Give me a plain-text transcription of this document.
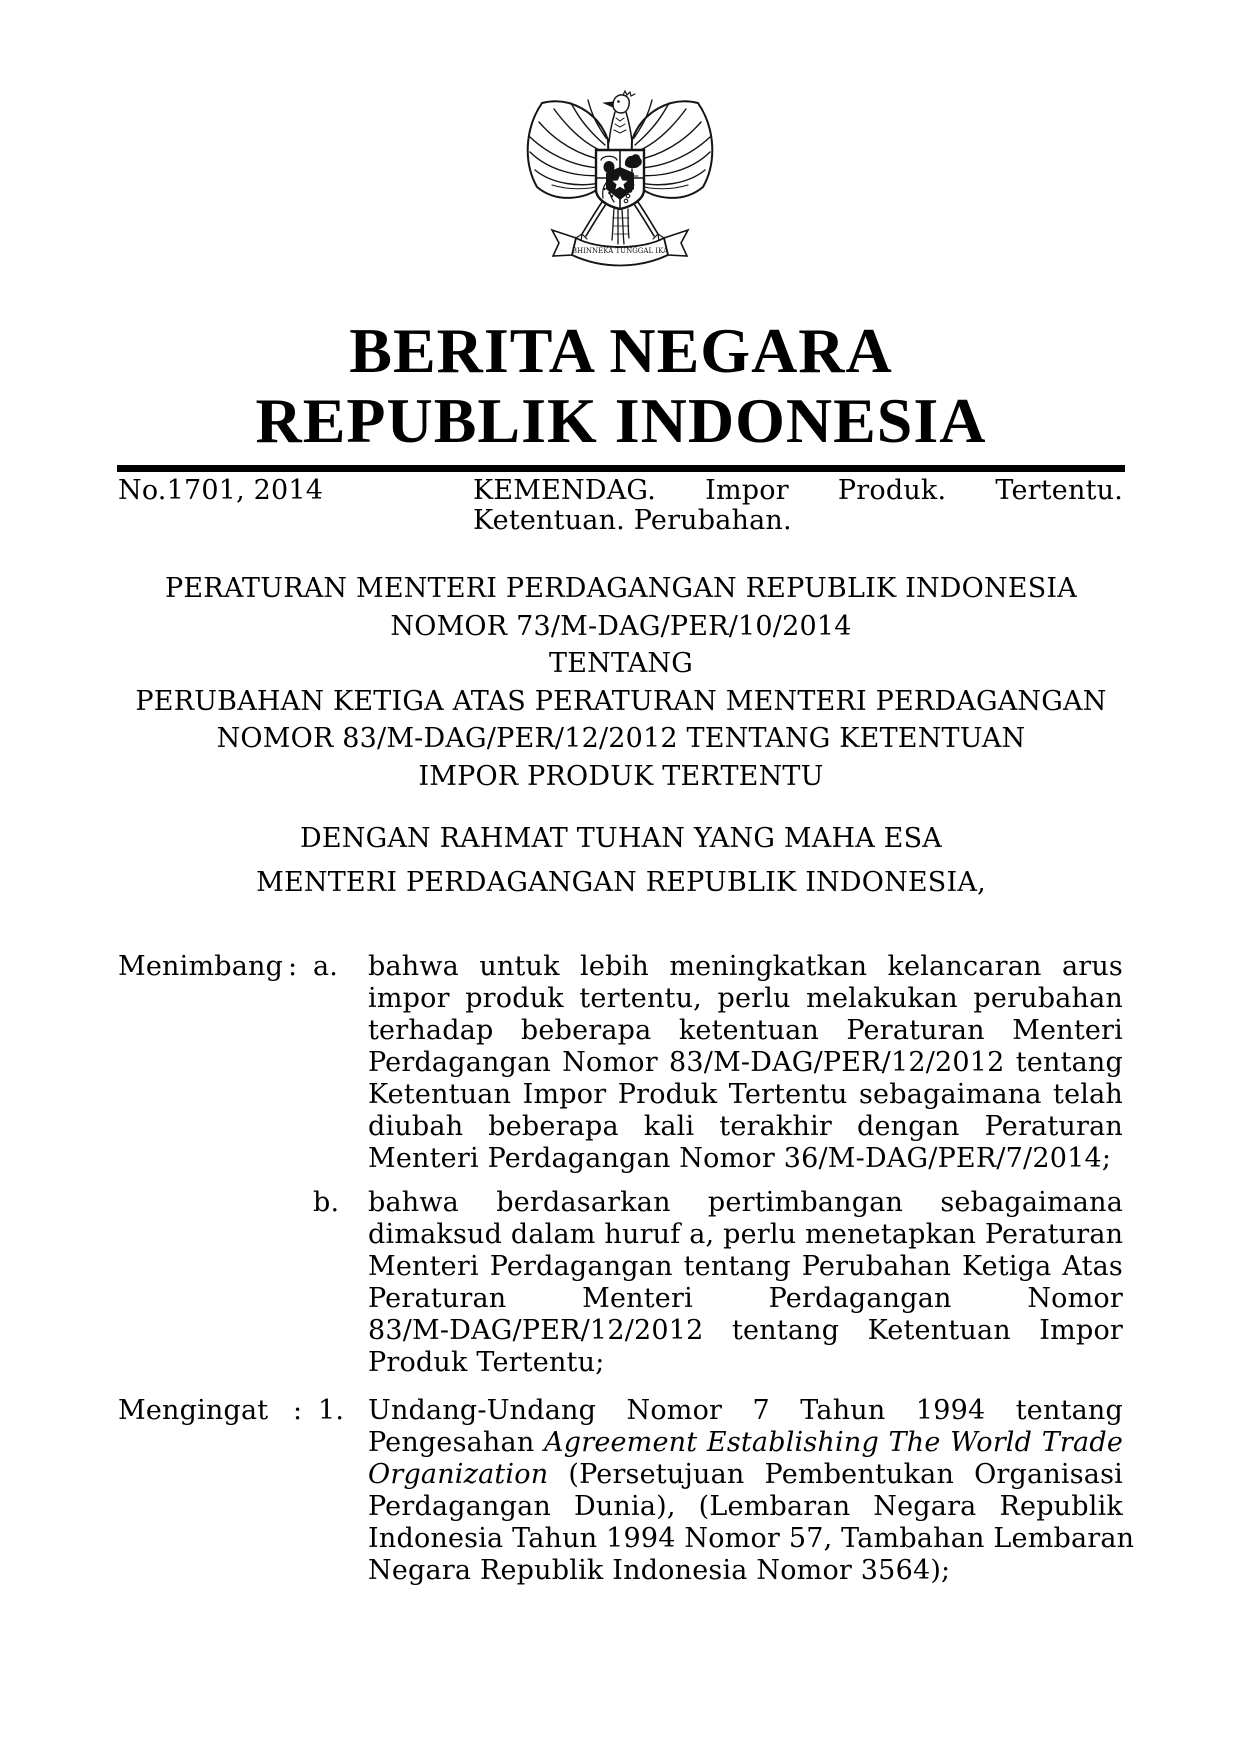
BHINNEKA TUNGGAL IKA
BERITA NEGARA
REPUBLIK INDONESIA
No.1701, 2014	KEMENDAG. Impor Produk. Tertentu.
Ketentuan. Perubahan.
PERATURAN MENTERI PERDAGANGAN REPUBLIK INDONESIA
NOMOR 73/M-DAG/PER/10/2014
TENTANG
PERUBAHAN KETIGA ATAS PERATURAN MENTERI PERDAGANGAN
NOMOR 83/M-DAG/PER/12/2012 TENTANG KETENTUAN
IMPOR PRODUK TERTENTU
DENGAN RAHMAT TUHAN YANG MAHA ESA
MENTERI PERDAGANGAN REPUBLIK INDONESIA,
Menimbang : a. bahwa untuk lebih meningkatkan kelancaran arus
impor produk tertentu, perlu melakukan perubahan
terhadap beberapa ketentuan Peraturan Menteri
Perdagangan Nomor 83/M-DAG/PER/12/2012 tentang
Ketentuan Impor Produk Tertentu sebagaimana telah
diubah beberapa kali terakhir dengan Peraturan
Menteri Perdagangan Nomor 36/M-DAG/PER/7/2014;
b. bahwa berdasarkan pertimbangan sebagaimana
dimaksud dalam huruf a, perlu menetapkan Peraturan
Menteri Perdagangan tentang Perubahan Ketiga Atas
Peraturan Menteri Perdagangan Nomor
83/M-DAG/PER/12/2012 tentang Ketentuan Impor
Produk Tertentu;
Mengingat : 1. Undang-Undang Nomor 7 Tahun 1994 tentang
Pengesahan Agreement Establishing The World Trade
Organization (Persetujuan Pembentukan Organisasi
Perdagangan Dunia), (Lembaran Negara Republik
Indonesia Tahun 1994 Nomor 57, Tambahan Lembaran
Negara Republik Indonesia Nomor 3564);
